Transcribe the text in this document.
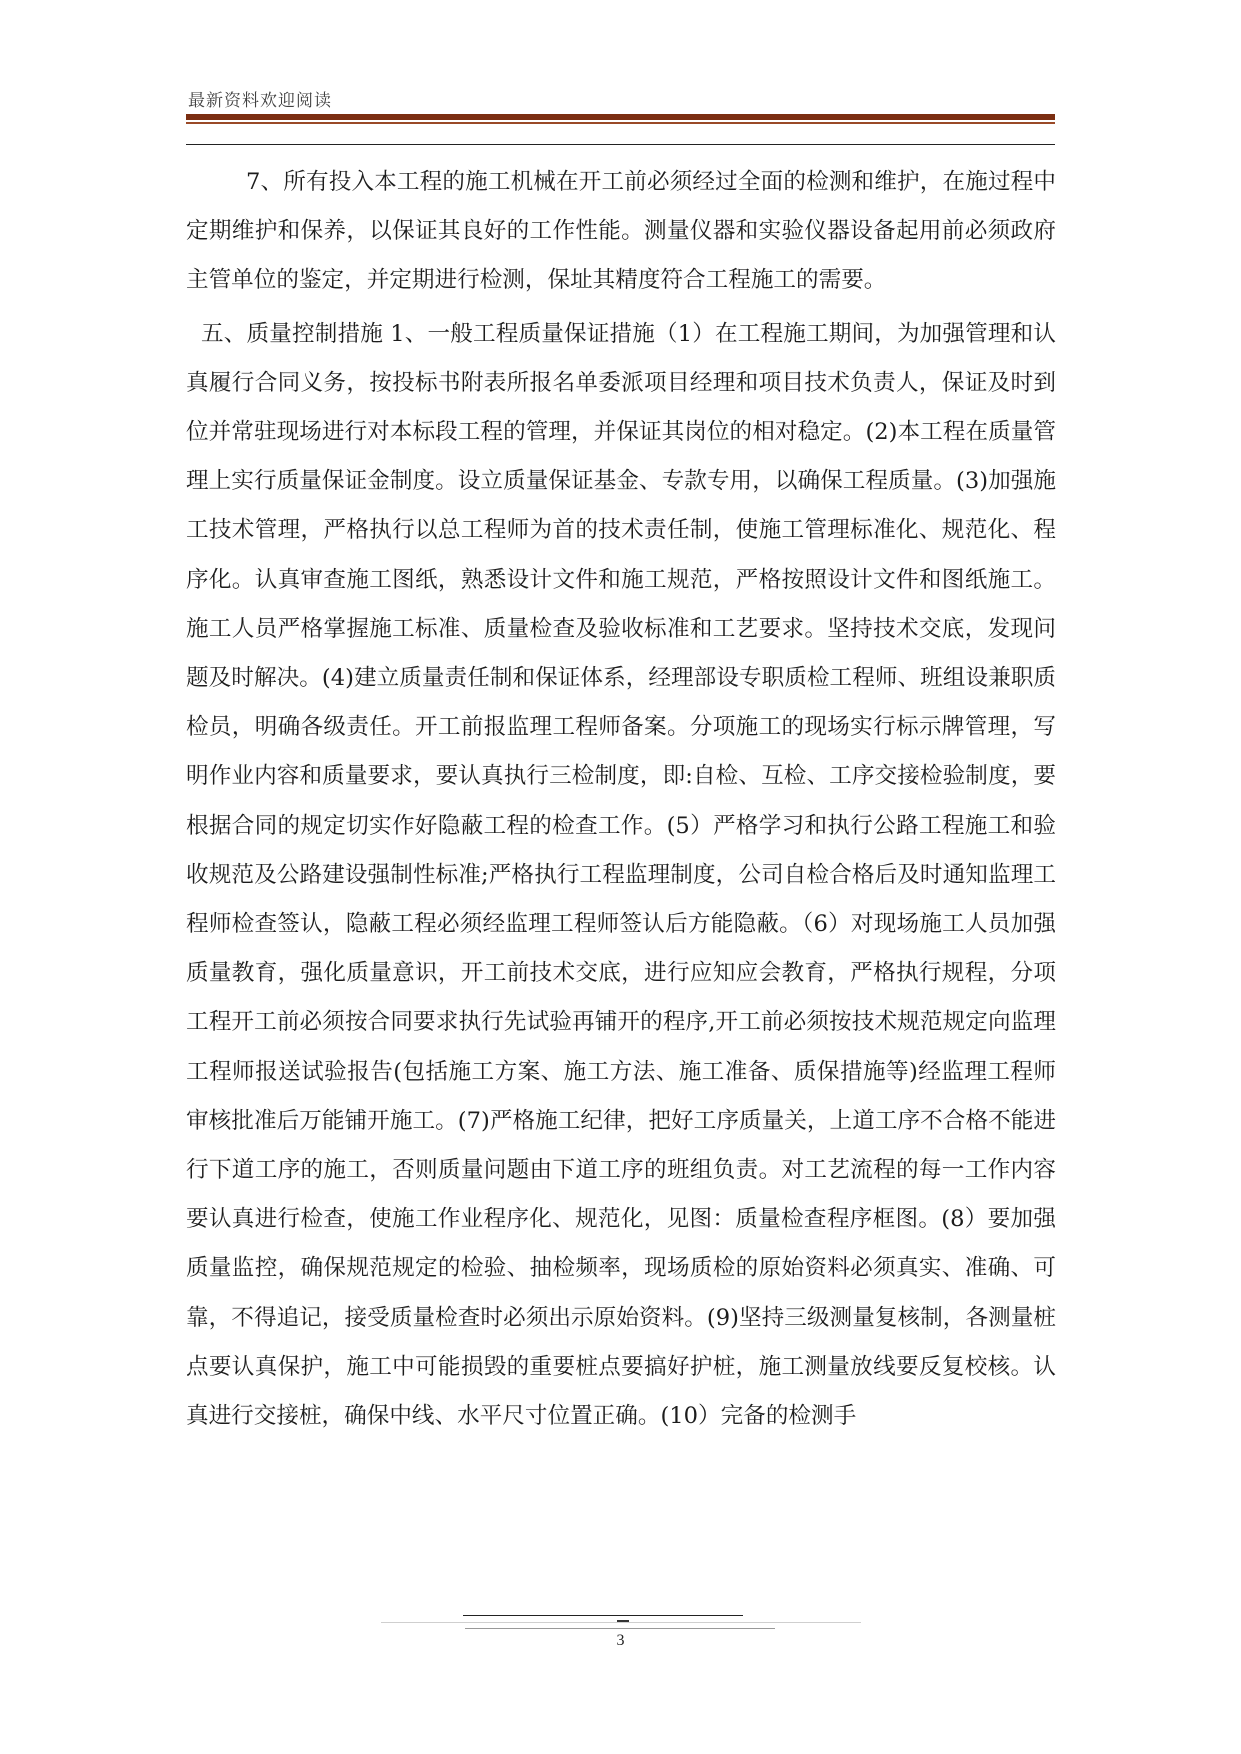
最新资料欢迎阅读

7、所有投入本工程的施工机械在开工前必须经过全面的检测和维护，在施过程中定期维护和保养，以保证其良好的工作性能。测量仪器和实验仪器设备起用前必须政府主管单位的鉴定，并定期进行检测，保址其精度符合工程施工的需要。

五、质量控制措施 1、一般工程质量保证措施（1）在工程施工期间，为加强管理和认真履行合同义务，按投标书附表所报名单委派项目经理和项目技术负责人，保证及时到位并常驻现场进行对本标段工程的管理，并保证其岗位的相对稳定。(2)本工程在质量管理上实行质量保证金制度。设立质量保证基金、专款专用，以确保工程质量。(3)加强施工技术管理，严格执行以总工程师为首的技术责任制，使施工管理标准化、规范化、程序化。认真审查施工图纸，熟悉设计文件和施工规范，严格按照设计文件和图纸施工。施工人员严格掌握施工标准、质量检查及验收标准和工艺要求。坚持技术交底，发现问题及时解决。(4)建立质量责任制和保证体系，经理部设专职质检工程师、班组设兼职质检员，明确各级责任。开工前报监理工程师备案。分项施工的现场实行标示牌管理，写明作业内容和质量要求，要认真执行三检制度，即:自检、互检、工序交接检验制度，要根据合同的规定切实作好隐蔽工程的检查工作。(5）严格学习和执行公路工程施工和验收规范及公路建设强制性标准;严格执行工程监理制度，公司自检合格后及时通知监理工程师检查签认，隐蔽工程必须经监理工程师签认后方能隐蔽。（6）对现场施工人员加强质量教育，强化质量意识，开工前技术交底，进行应知应会教育，严格执行规程，分项工程开工前必须按合同要求执行先试验再铺开的程序,开工前必须按技术规范规定向监理工程师报送试验报告(包括施工方案、施工方法、施工准备、质保措施等)经监理工程师审核批准后万能铺开施工。(7)严格施工纪律，把好工序质量关，上道工序不合格不能进行下道工序的施工，否则质量问题由下道工序的班组负责。对工艺流程的每一工作内容要认真进行检查，使施工作业程序化、规范化，见图：质量检查程序框图。(8）要加强质量监控，确保规范规定的检验、抽检频率，现场质检的原始资料必须真实、准确、可靠，不得追记，接受质量检查时必须出示原始资料。(9)坚持三级测量复核制，各测量桩点要认真保护，施工中可能损毁的重要桩点要搞好护桩，施工测量放线要反复校核。认真进行交接桩，确保中线、水平尺寸位置正确。(10）完备的检测手

3
